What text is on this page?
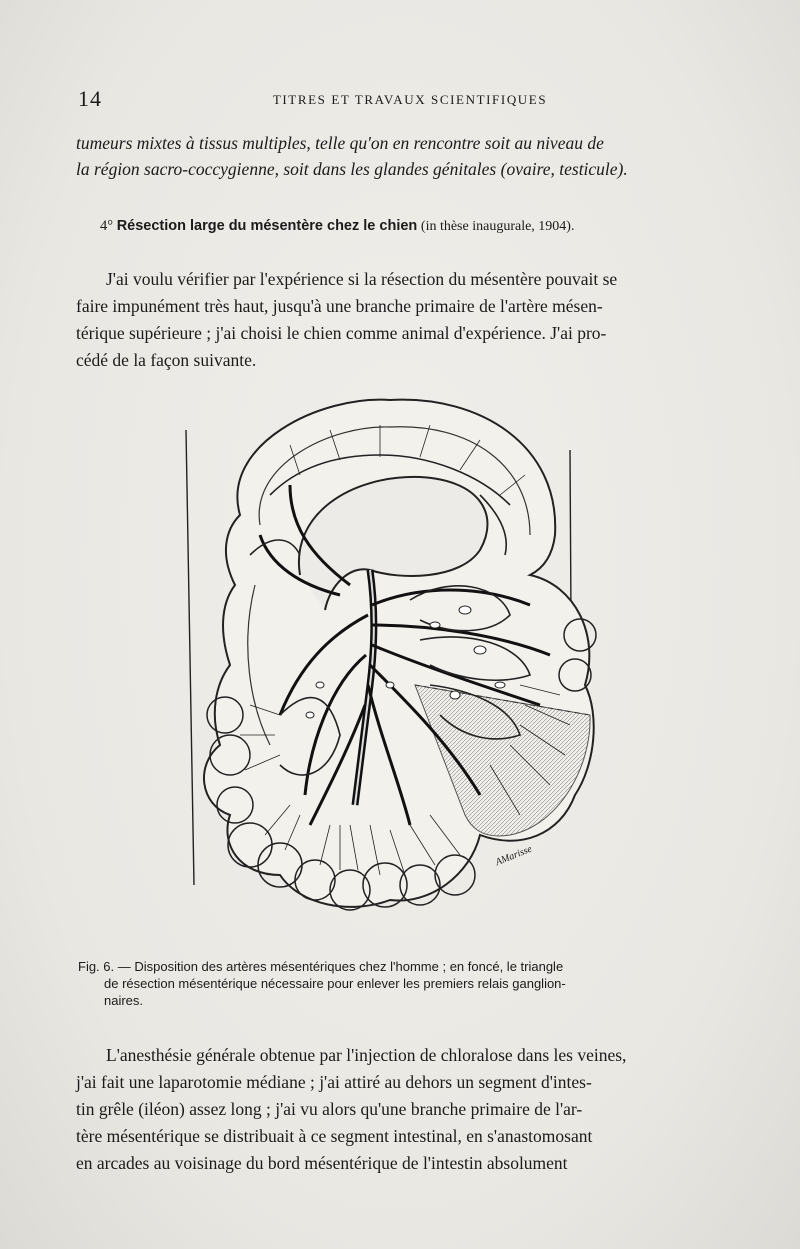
14	TITRES ET TRAVAUX SCIENTIFIQUES
tumeurs mixtes à tissus multiples, telle qu'on en rencontre soit au niveau de
la région sacro-coccygienne, soit dans les glandes génitales (ovaire, testicule).
4° Résection large du mésentère chez le chien (in thèse inaugurale, 1904).
J'ai voulu vérifier par l'expérience si la résection du mésentère pouvait se
faire impunément très haut, jusqu'à une branche primaire de l'artère mésen-
térique supérieure ; j'ai choisi le chien comme animal d'expérience. J'ai pro-
cédé de la façon suivante.
AMarisse
Fig. 6. — Disposition des artères mésentériques chez l'homme ; en foncé, le triangle
de résection mésentérique nécessaire pour enlever les premiers relais ganglion-
naires.
L'anesthésie générale obtenue par l'injection de chloralose dans les veines,
j'ai fait une laparotomie médiane ; j'ai attiré au dehors un segment d'intes-
tin grêle (iléon) assez long ; j'ai vu alors qu'une branche primaire de l'ar-
tère mésentérique se distribuait à ce segment intestinal, en s'anastomosant
en arcades au voisinage du bord mésentérique de l'intestin absolument
